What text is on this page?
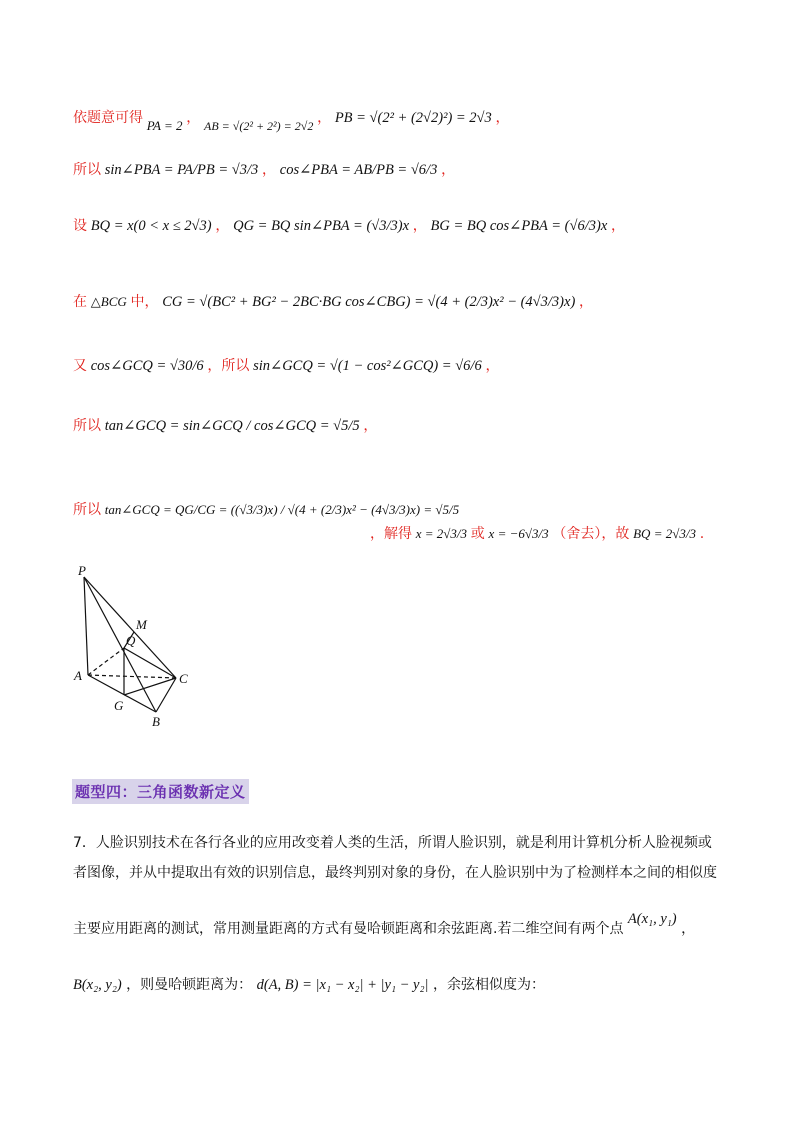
依题意可得 PA = 2 ， $_{AB = √(2^2 + 2^2) = 2√2}$ ， PB = √(2² + (2√2)²) = 2√3 ，
所以 sin∠PBA = PA/PB = √3/3 ， cos∠PBA = AB/PB = √6/3 ，
设 BQ = x(0 < x ≤ 2√3) ， QG = BQ sin∠PBA = (√3/3)x ， BG = BQ cos∠PBA = (√6/3)x ，
在 △BCG 中， CG = √(BC² + BG² − 2BC·BG cos∠CBG) = √(4 + (2/3)x² − (4√3/3)x) ，
又 cos∠GCQ = √30/6 ，所以 sin∠GCQ = √(1 − cos²∠GCQ) = √6/6 ，
所以 tan∠GCQ = sin∠GCQ / cos∠GCQ = √5/5 ，
所以 tan∠GCQ = QG/CG = ((√3/3)x) / √(4 + (2/3)x² − (4√3/3)x) = √5/5
，解得 x = 2√3/3 或 x = −6√3/3 （舍去），故 BQ = 2√3/3 .
P
M
Q
A	C
G
B
题型四：三角函数新定义
7．人脸识别技术在各行各业的应用改变着人类的生活，所谓人脸识别，就是利用计算机分析人脸视频或
者图像，并从中提取出有效的识别信息，最终判别对象的身份，在人脸识别中为了检测样本之间的相似度
主要应用距离的测试，常用测量距离的方式有曼哈顿距离和余弦距离.若二维空间有两个点 A(x₁, y₁) ，
B(x₂, y₂) ，则曼哈顿距离为： d(A, B) = |x₁ − x₂| + |y₁ − y₂| ，余弦相似度为：
